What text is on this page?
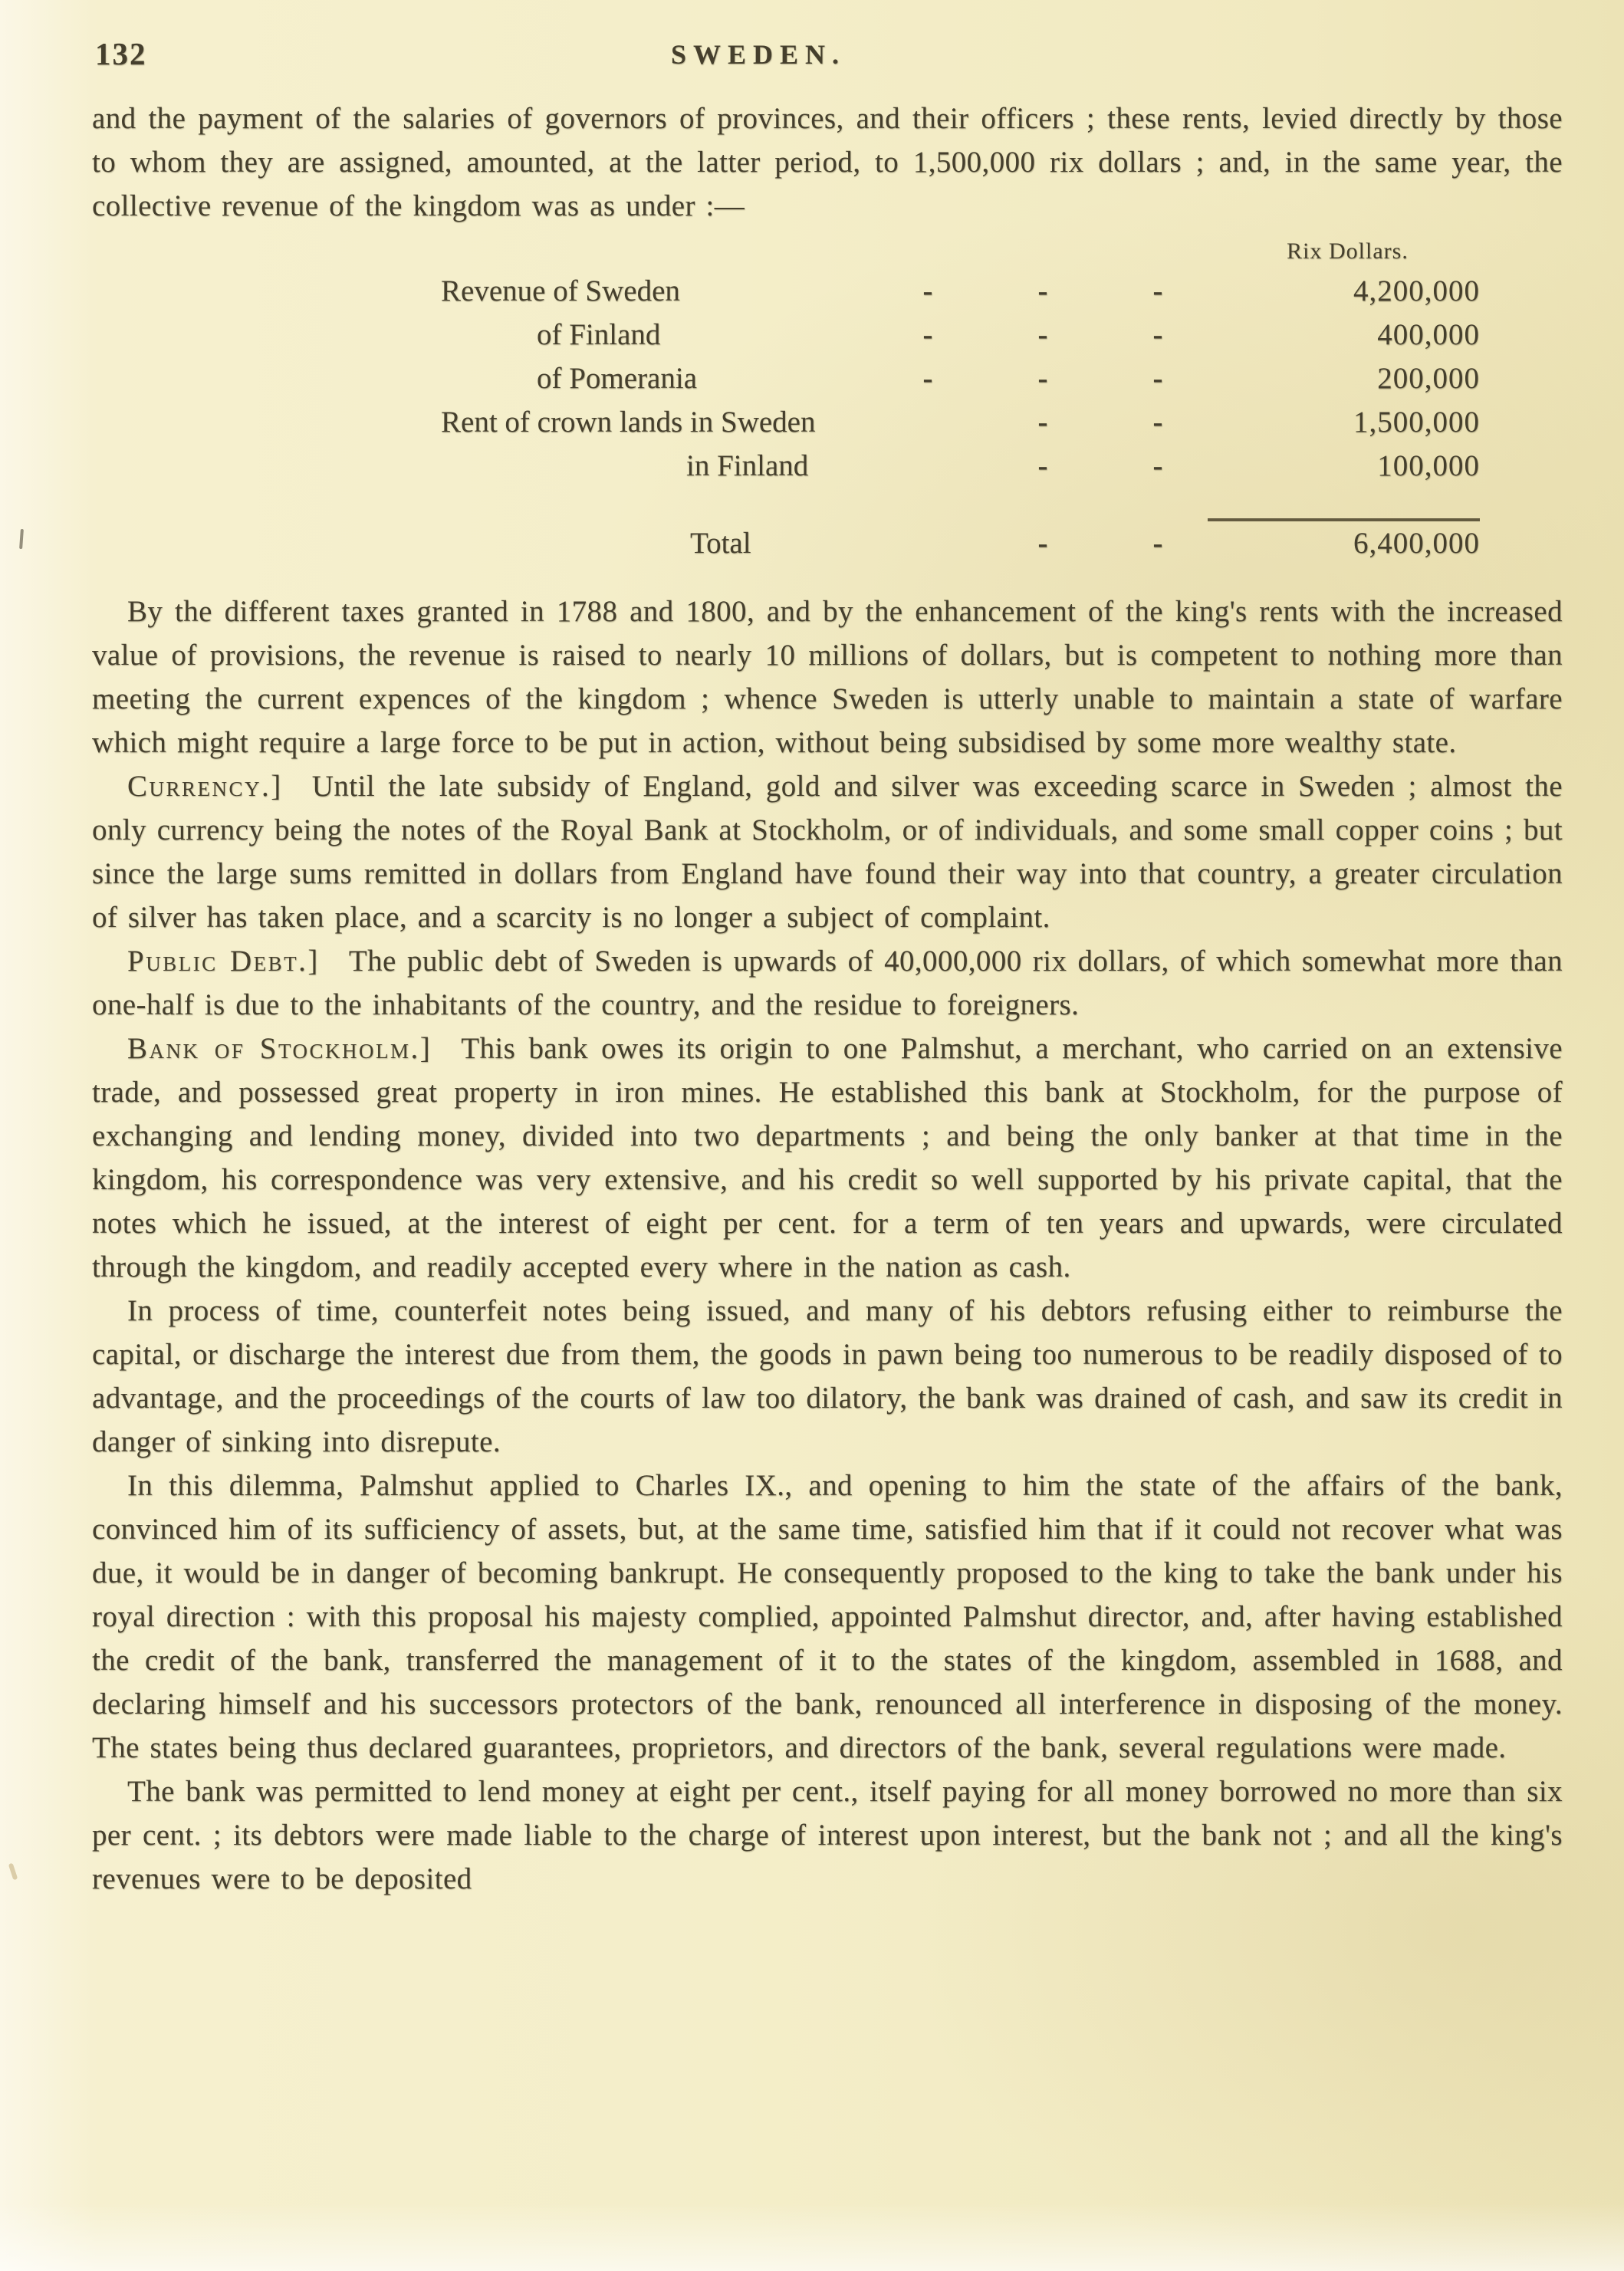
132	SWEDEN.

and the payment of the salaries of governors of provinces, and their officers ; these rents, levied directly by those to whom they are assigned, amounted, at the latter period, to 1,500,000 rix dollars ; and, in the same year, the collective revenue of the kingdom was as under :—

Rix Dollars.
Revenue of Sweden	-	-	-	4,200,000
of Finland	-	-	-	400,000
of Pomerania	-	-	-	200,000
Rent of crown lands in Sweden	-	-	1,500,000
in Finland	-	-	100,000
Total	-	-	6,400,000

By the different taxes granted in 1788 and 1800, and by the enhancement of the king's rents with the increased value of provisions, the revenue is raised to nearly 10 millions of dollars, but is competent to nothing more than meeting the current expences of the kingdom ; whence Sweden is utterly unable to maintain a state of warfare which might require a large force to be put in action, without being subsidised by some more wealthy state.

Currency.] Until the late subsidy of England, gold and silver was exceeding scarce in Sweden ; almost the only currency being the notes of the Royal Bank at Stockholm, or of individuals, and some small copper coins ; but since the large sums remitted in dollars from England have found their way into that country, a greater circulation of silver has taken place, and a scarcity is no longer a subject of complaint.

Public Debt.] The public debt of Sweden is upwards of 40,000,000 rix dollars, of which somewhat more than one-half is due to the inhabitants of the country, and the residue to foreigners.

Bank of Stockholm.] This bank owes its origin to one Palmshut, a merchant, who carried on an extensive trade, and possessed great property in iron mines. He established this bank at Stockholm, for the purpose of exchanging and lending money, divided into two departments ; and being the only banker at that time in the kingdom, his correspondence was very extensive, and his credit so well supported by his private capital, that the notes which he issued, at the interest of eight per cent. for a term of ten years and upwards, were circulated through the kingdom, and readily accepted every where in the nation as cash.

In process of time, counterfeit notes being issued, and many of his debtors refusing either to reimburse the capital, or discharge the interest due from them, the goods in pawn being too numerous to be readily disposed of to advantage, and the proceedings of the courts of law too dilatory, the bank was drained of cash, and saw its credit in danger of sinking into disrepute.

In this dilemma, Palmshut applied to Charles IX., and opening to him the state of the affairs of the bank, convinced him of its sufficiency of assets, but, at the same time, satisfied him that if it could not recover what was due, it would be in danger of becoming bankrupt. He consequently proposed to the king to take the bank under his royal direction : with this proposal his majesty complied, appointed Palmshut director, and, after having established the credit of the bank, transferred the management of it to the states of the kingdom, assembled in 1688, and declaring himself and his successors protectors of the bank, renounced all interference in disposing of the money. The states being thus declared guarantees, proprietors, and directors of the bank, several regulations were made.

The bank was permitted to lend money at eight per cent., itself paying for all money borrowed no more than six per cent. ; its debtors were made liable to the charge of interest upon interest, but the bank not ; and all the king's revenues were to be deposited
